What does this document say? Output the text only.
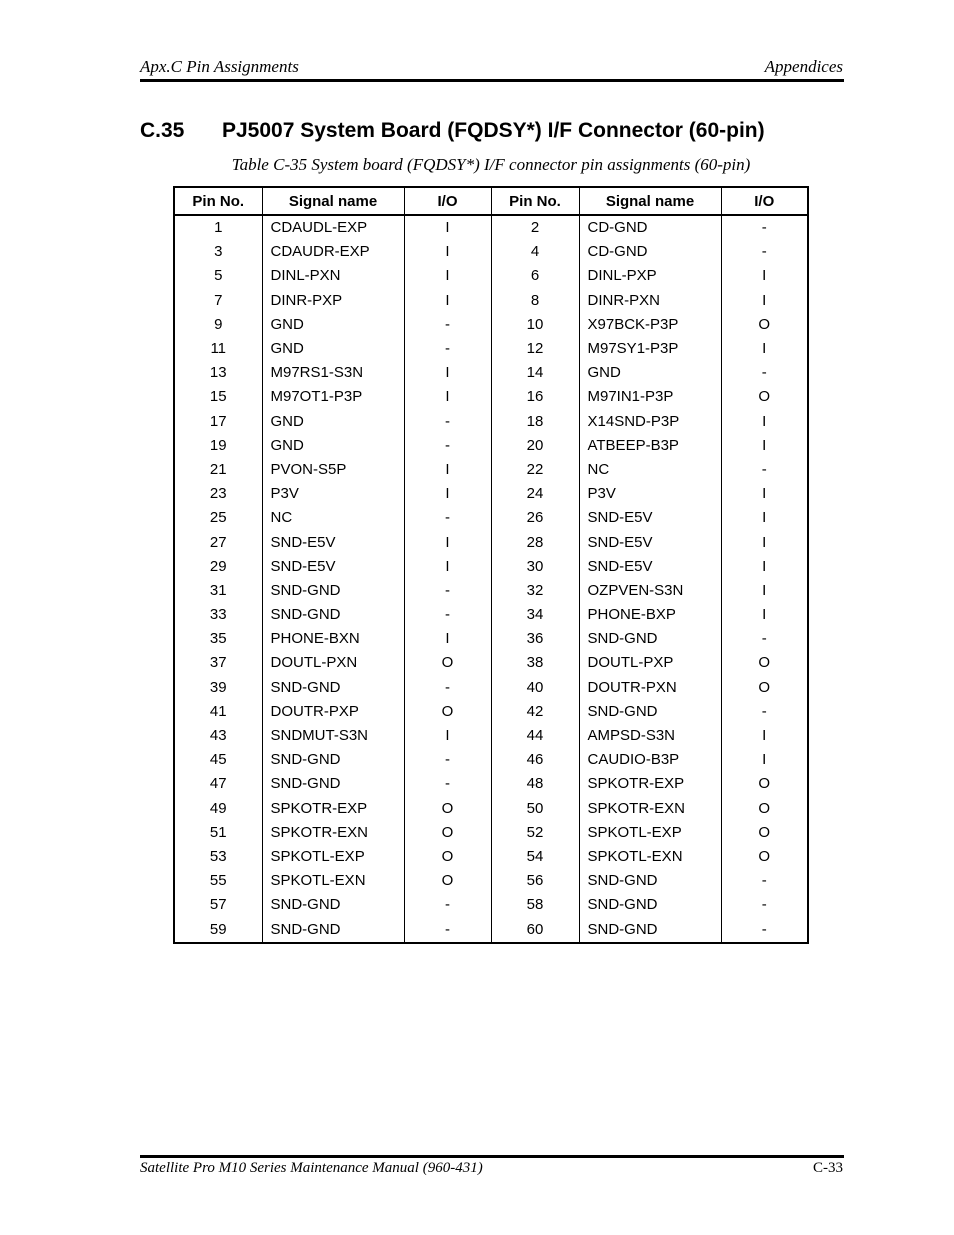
Apx.C Pin Assignments	Appendices
C.35 PJ5007 System Board (FQDSY*) I/F Connector (60-pin)
Table C-35 System board (FQDSY*) I/F connector pin assignments (60-pin)
Pin No.	Signal name	I/O	Pin No.	Signal name	I/O
1	CDAUDL-EXP	I	2	CD-GND	-
3	CDAUDR-EXP	I	4	CD-GND	-
5	DINL-PXN	I	6	DINL-PXP	I
7	DINR-PXP	I	8	DINR-PXN	I
9	GND	-	10	X97BCK-P3P	O
11	GND	-	12	M97SY1-P3P	I
13	M97RS1-S3N	I	14	GND	-
15	M97OT1-P3P	I	16	M97IN1-P3P	O
17	GND	-	18	X14SND-P3P	I
19	GND	-	20	ATBEEP-B3P	I
21	PVON-S5P	I	22	NC	-
23	P3V	I	24	P3V	I
25	NC	-	26	SND-E5V	I
27	SND-E5V	I	28	SND-E5V	I
29	SND-E5V	I	30	SND-E5V	I
31	SND-GND	-	32	OZPVEN-S3N	I
33	SND-GND	-	34	PHONE-BXP	I
35	PHONE-BXN	I	36	SND-GND	-
37	DOUTL-PXN	O	38	DOUTL-PXP	O
39	SND-GND	-	40	DOUTR-PXN	O
41	DOUTR-PXP	O	42	SND-GND	-
43	SNDMUT-S3N	I	44	AMPSD-S3N	I
45	SND-GND	-	46	CAUDIO-B3P	I
47	SND-GND	-	48	SPKOTR-EXP	O
49	SPKOTR-EXP	O	50	SPKOTR-EXN	O
51	SPKOTR-EXN	O	52	SPKOTL-EXP	O
53	SPKOTL-EXP	O	54	SPKOTL-EXN	O
55	SPKOTL-EXN	O	56	SND-GND	-
57	SND-GND	-	58	SND-GND	-
59	SND-GND	-	60	SND-GND	-
Satellite Pro M10 Series Maintenance Manual (960-431)	C-33
